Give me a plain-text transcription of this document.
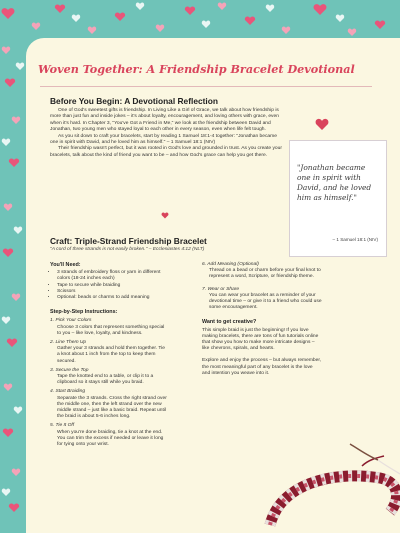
Woven Together: A Friendship Bracelet Devotional
Before You Begin: A Devotional Reflection

One of God's sweetest gifts is friendship. In Living Like a Girl of Grace, we talk about how friendship is more than just fun and inside jokes – it's about loyalty, encouragement, and loving others with grace, even when it's hard. In Chapter 3, "You've Got a Friend in Me," we look at the friendship between David and Jonathan, two young men who stayed loyal to each other in every season, even when life felt tough.

As you sit down to craft your bracelets, start by reading 1 Samuel 18:1-4 together: "Jonathan became one in spirit with David, and he loved him as himself." – 1 Samuel 18:1 (NIV)

Their friendship wasn't perfect, but it was rooted in God's love and grounded in trust. As you create your bracelets, talk about the kind of friend you want to be – and how God's grace can help you get there.

"Jonathan became one in spirit with David, and he loved him as himself."
– 1 Samuel 18:1 (NIV)
Craft: Triple-Strand Friendship Bracelet
"A cord of three strands is not easily broken." – Ecclesiastes 4:12 (NLT)
You'll Need:
• 3 strands of embroidery floss or yarn in different colors (18-24 inches each)
• Tape to secure while braiding
• Scissors
• Optional: beads or charms to add meaning
Step-by-Step Instructions:
1. Pick Your Colors
Choose 3 colors that represent something special to you – like love, loyalty, and kindness.
2. Line Them Up
Gather your 3 strands and hold them together. Tie a knot about 1 inch from the top to keep them secured.
3. Secure the Top
Tape the knotted end to a table, or clip it to a clipboard so it stays still while you braid.
4. Start Braiding
Separate the 3 strands. Cross the right strand over the middle one, then the left strand over the new middle strand – just like a basic braid. Repeat until the braid is about 5-6 inches long.
5. Tie It Off
When you're done braiding, tie a knot at the end. You can trim the excess if needed or leave it long for tying onto your wrist.
6. Add Meaning (Optional)
Thread on a bead or charm before your final knot to represent a word, Scripture, or friendship theme.
7. Wear or Share
You can wear your bracelet as a reminder of your devotional time – or give it to a friend who could use some encouragement.
Want to get creative?

This simple braid is just the beginning! If you love making bracelets, there are tons of fun tutorials online that show you how to make more intricate designs – like chevrons, spirals, and hearts.

Explore and enjoy the process – but always remember, the most meaningful part of any bracelet is the love and intention you weave into it.
